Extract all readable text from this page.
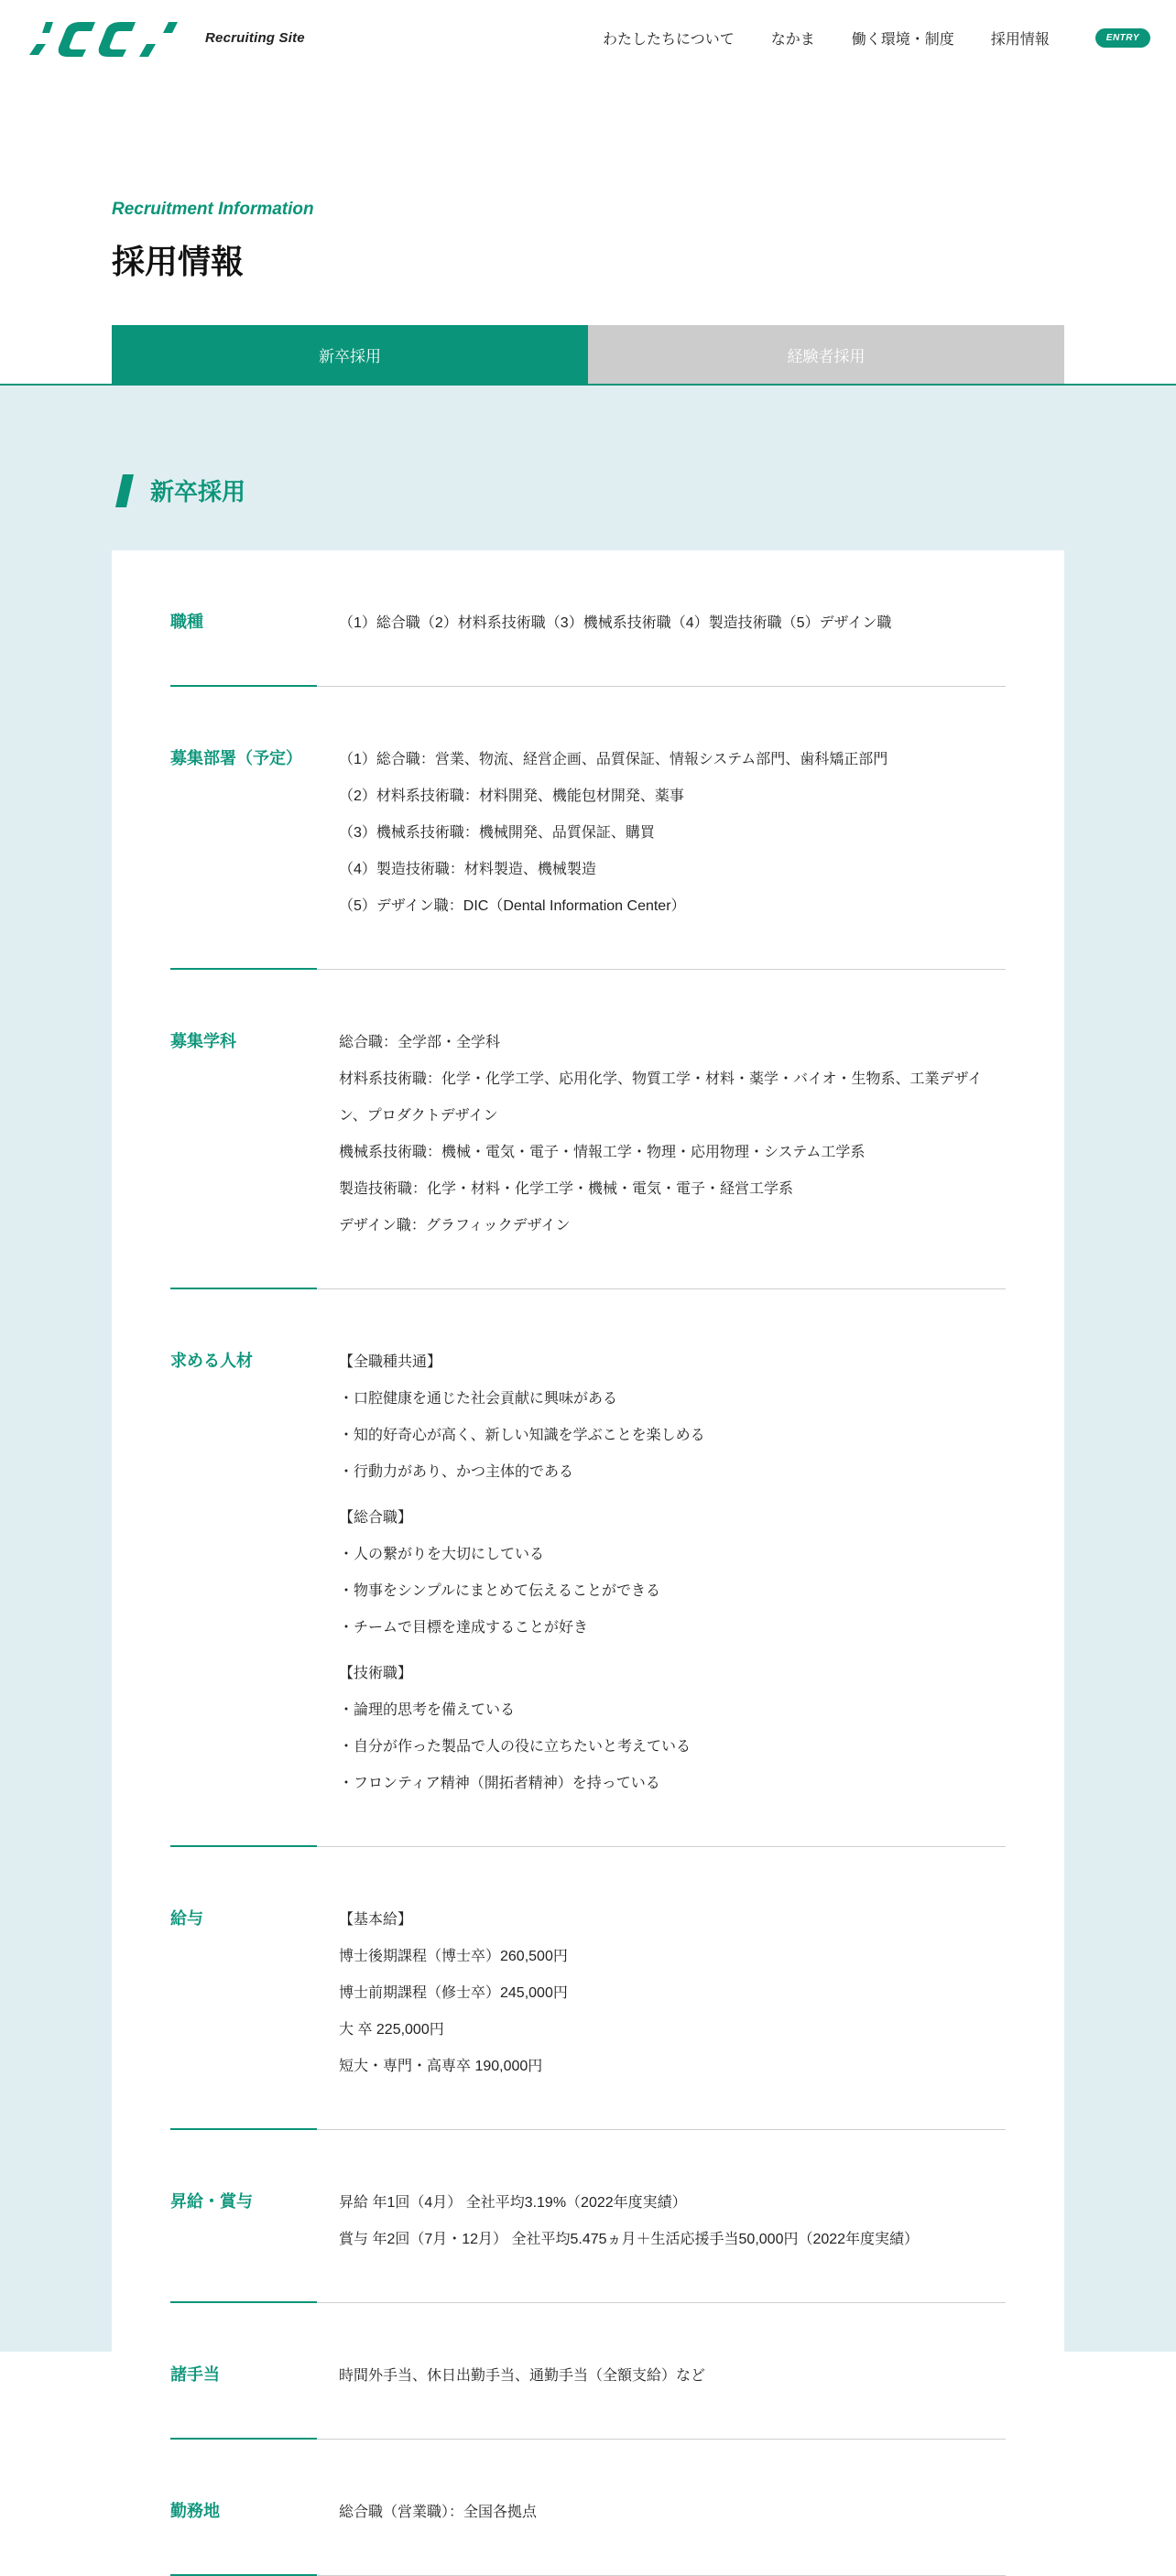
Recruiting Site	わたしたちについて	なかま	働く環境・制度	採用情報	ENTRY
Recruitment Information
採用情報
新卒採用	経験者採用
新卒採用
職種	（1）総合職（2）材料系技術職（3）機械系技術職（4）製造技術職（5）デザイン職

募集部署（予定）	（1）総合職：営業、物流、経営企画、品質保証、情報システム部門、歯科矯正部門

（2）材料系技術職：材料開発、機能包材開発、薬事

（3）機械系技術職：機械開発、品質保証、購買

（4）製造技術職：材料製造、機械製造

（5）デザイン職：DIC（Dental Information Center）

募集学科	総合職：全学部・全学科

材料系技術職：化学・化学工学、応用化学、物質工学・材料・薬学・バイオ・生物系、工業デザイン、プロダクトデザイン

機械系技術職：機械・電気・電子・情報工学・物理・応用物理・システム工学系

製造技術職：化学・材料・化学工学・機械・電気・電子・経営工学系

デザイン職：グラフィックデザイン

求める人材	【全職種共通】

・口腔健康を通じた社会貢献に興味がある

・知的好奇心が高く、新しい知識を学ぶことを楽しめる

・行動力があり、かつ主体的である

【総合職】

・人の繋がりを大切にしている

・物事をシンプルにまとめて伝えることができる

・チームで目標を達成することが好き

【技術職】

・論理的思考を備えている

・自分が作った製品で人の役に立ちたいと考えている

・フロンティア精神（開拓者精神）を持っている

給与	【基本給】

博士後期課程（博士卒）260,500円

博士前期課程（修士卒）245,000円

大 卒 225,000円

短大・専門・高専卒 190,000円

昇給・賞与	昇給 年1回（4月） 全社平均3.19%（2022年度実績）

賞与 年2回（7月・12月） 全社平均5.475ヵ月＋生活応援手当50,000円（2022年度実績）

諸手当	時間外手当、休日出勤手当、通勤手当（全額支給）など

勤務地	総合職（営業職）：全国各拠点
